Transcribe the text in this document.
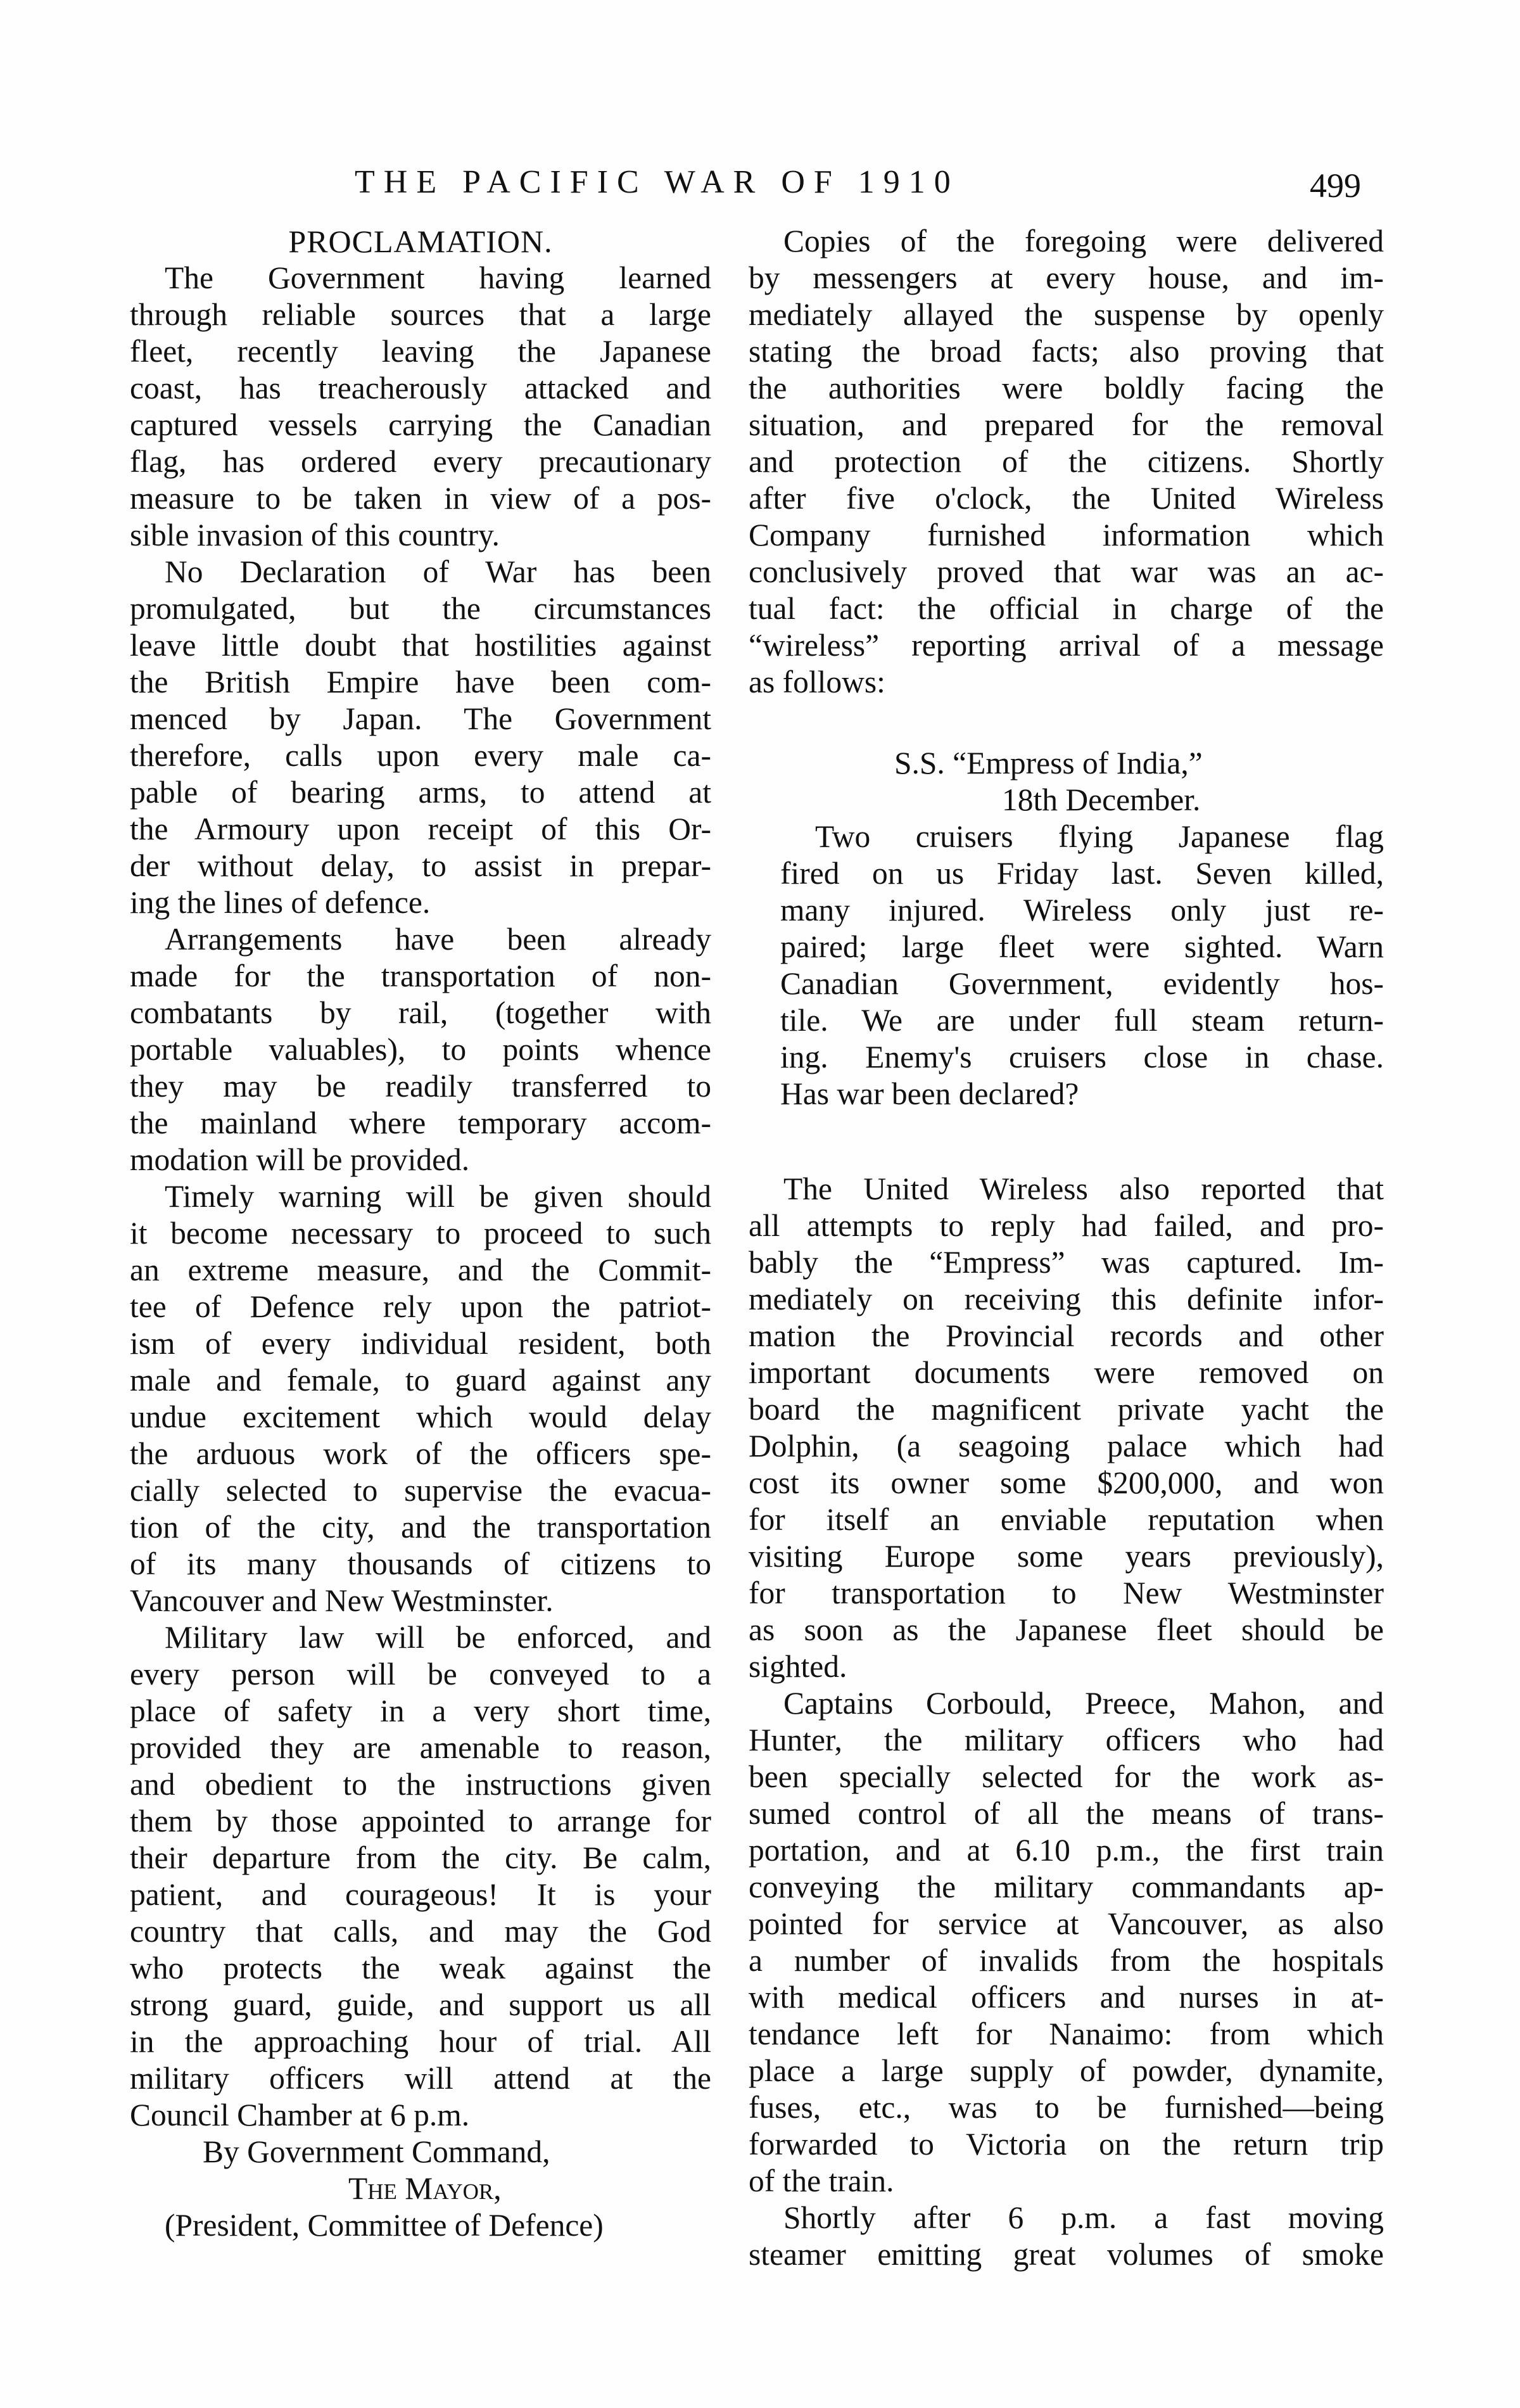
THE PACIFIC WAR OF 1910	499
PROCLAMATION.
The Government having learned
through reliable sources that a large
fleet, recently leaving the Japanese
coast, has treacherously attacked and
captured vessels carrying the Canadian
flag, has ordered every precautionary
measure to be taken in view of a pos-
sible invasion of this country.
No Declaration of War has been
promulgated, but the circumstances
leave little doubt that hostilities against
the British Empire have been com-
menced by Japan. The Government
therefore, calls upon every male ca-
pable of bearing arms, to attend at
the Armoury upon receipt of this Or-
der without delay, to assist in prepar-
ing the lines of defence.
Arrangements have been already
made for the transportation of non-
combatants by rail, (together with
portable valuables), to points whence
they may be readily transferred to
the mainland where temporary accom-
modation will be provided.
Timely warning will be given should
it become necessary to proceed to such
an extreme measure, and the Commit-
tee of Defence rely upon the patriot-
ism of every individual resident, both
male and female, to guard against any
undue excitement which would delay
the arduous work of the officers spe-
cially selected to supervise the evacua-
tion of the city, and the transportation
of its many thousands of citizens to
Vancouver and New Westminster.
Military law will be enforced, and
every person will be conveyed to a
place of safety in a very short time,
provided they are amenable to reason,
and obedient to the instructions given
them by those appointed to arrange for
their departure from the city. Be calm,
patient, and courageous! It is your
country that calls, and may the God
who protects the weak against the
strong guard, guide, and support us all
in the approaching hour of trial. All
military officers will attend at the
Council Chamber at 6 p.m.
By Government Command,
The Mayor,
(President, Committee of Defence)
Copies of the foregoing were delivered
by messengers at every house, and im-
mediately allayed the suspense by openly
stating the broad facts; also proving that
the authorities were boldly facing the
situation, and prepared for the removal
and protection of the citizens. Shortly
after five o'clock, the United Wireless
Company furnished information which
conclusively proved that war was an ac-
tual fact: the official in charge of the
“wireless” reporting arrival of a message
as follows:
S.S. “Empress of India,”
18th December.
Two cruisers flying Japanese flag
fired on us Friday last. Seven killed,
many injured. Wireless only just re-
paired; large fleet were sighted. Warn
Canadian Government, evidently hos-
tile. We are under full steam return-
ing. Enemy's cruisers close in chase.
Has war been declared?
The United Wireless also reported that
all attempts to reply had failed, and pro-
bably the “Empress” was captured. Im-
mediately on receiving this definite infor-
mation the Provincial records and other
important documents were removed on
board the magnificent private yacht the
Dolphin, (a seagoing palace which had
cost its owner some $200,000, and won
for itself an enviable reputation when
visiting Europe some years previously),
for transportation to New Westminster
as soon as the Japanese fleet should be
sighted.
Captains Corbould, Preece, Mahon, and
Hunter, the military officers who had
been specially selected for the work as-
sumed control of all the means of trans-
portation, and at 6.10 p.m., the first train
conveying the military commandants ap-
pointed for service at Vancouver, as also
a number of invalids from the hospitals
with medical officers and nurses in at-
tendance left for Nanaimo: from which
place a large supply of powder, dynamite,
fuses, etc., was to be furnished—being
forwarded to Victoria on the return trip
of the train.
Shortly after 6 p.m. a fast moving
steamer emitting great volumes of smoke
